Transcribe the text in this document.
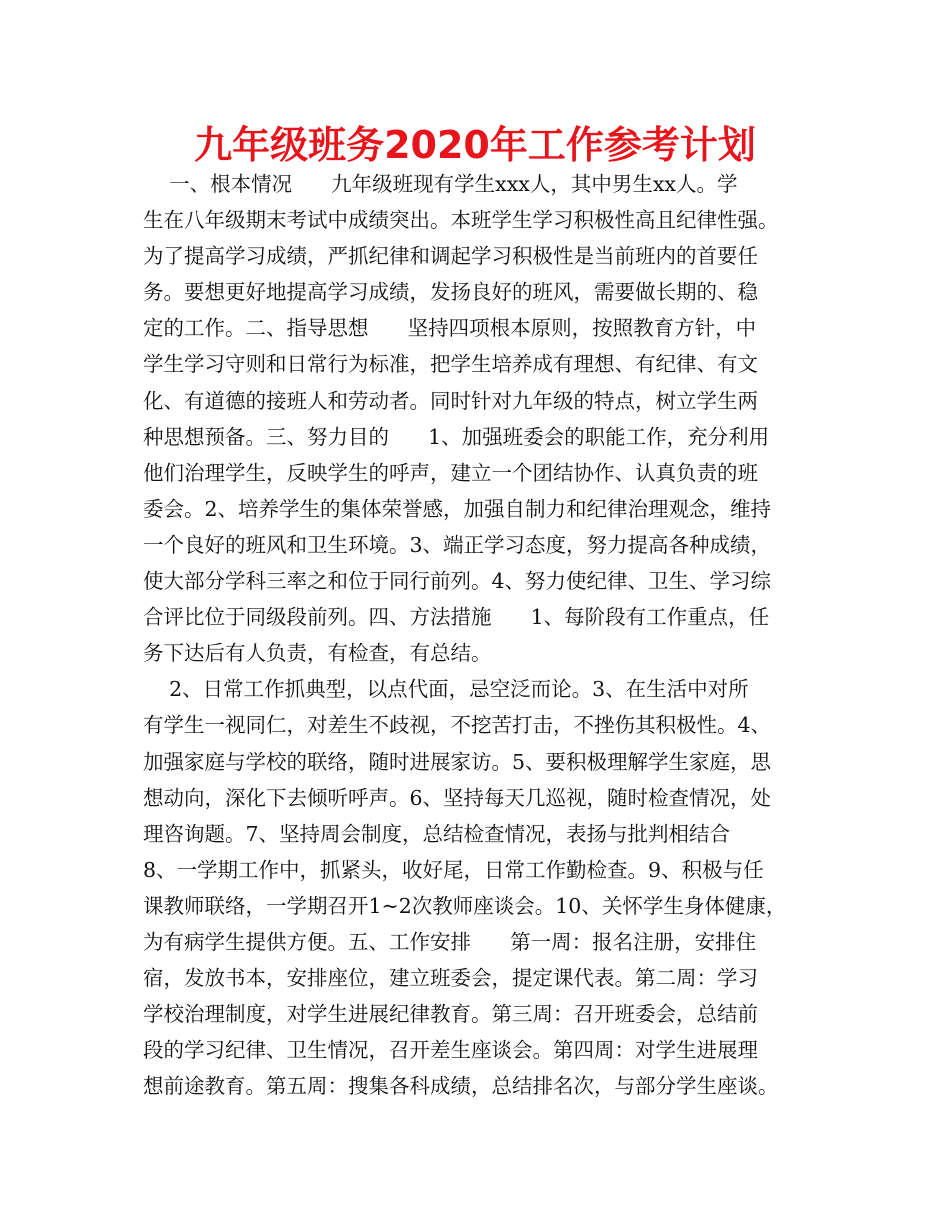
九年级班务2020年工作参考计划
一、根本情况      九年级班现有学生xxx人，其中男生xx人。学
生在八年级期末考试中成绩突出。本班学生学习积极性高且纪律性强。
为了提高学习成绩，严抓纪律和调起学习积极性是当前班内的首要任
务。要想更好地提高学习成绩，发扬良好的班风，需要做长期的、稳
定的工作。二、指导思想      坚持四项根本原则，按照教育方针，中
学生学习守则和日常行为标准，把学生培养成有理想、有纪律、有文
化、有道德的接班人和劳动者。同时针对九年级的特点，树立学生两
种思想预备。三、努力目的      1、加强班委会的职能工作，充分利用
他们治理学生，反映学生的呼声，建立一个团结协作、认真负责的班
委会。2、培养学生的集体荣誉感，加强自制力和纪律治理观念，维持
一个良好的班风和卫生环境。3、端正学习态度，努力提高各种成绩，
使大部分学科三率之和位于同行前列。4、努力使纪律、卫生、学习综
合评比位于同级段前列。四、方法措施      1、每阶段有工作重点，任
务下达后有人负责，有检查，有总结。
2、日常工作抓典型，以点代面，忌空泛而论。3、在生活中对所
有学生一视同仁，对差生不歧视，不挖苦打击，不挫伤其积极性。4、
加强家庭与学校的联络，随时进展家访。5、要积极理解学生家庭，思
想动向，深化下去倾听呼声。6、坚持每天几巡视，随时检查情况，处
理咨询题。7、坚持周会制度，总结检查情况，表扬与批判相结合
8、一学期工作中，抓紧头，收好尾，日常工作勤检查。9、积极与任
课教师联络，一学期召开1~2次教师座谈会。10、关怀学生身体健康，
为有病学生提供方便。五、工作安排      第一周：报名注册，安排住
宿，发放书本，安排座位，建立班委会，提定课代表。第二周：学习
学校治理制度，对学生进展纪律教育。第三周：召开班委会，总结前
段的学习纪律、卫生情况，召开差生座谈会。第四周：对学生进展理
想前途教育。第五周：搜集各科成绩，总结排名次，与部分学生座谈。
